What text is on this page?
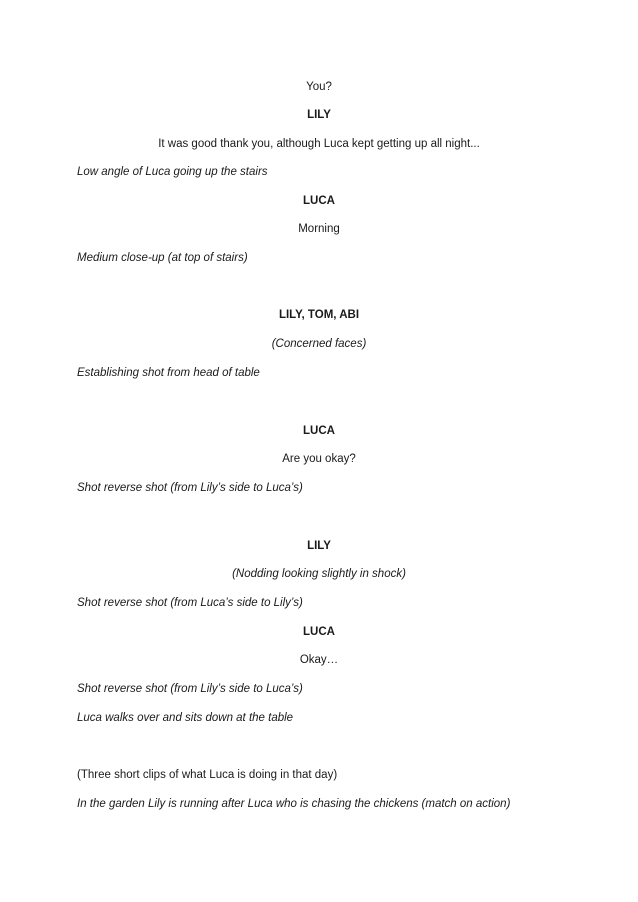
You?
LILY
It was good thank you, although Luca kept getting up all night...
Low angle of Luca going up the stairs
LUCA
Morning
Medium close-up (at top of stairs)
LILY, TOM, ABI
(Concerned faces)
Establishing shot from head of table
LUCA
Are you okay?
Shot reverse shot (from Lily’s side to Luca’s)
LILY
(Nodding looking slightly in shock)
Shot reverse shot (from Luca’s side to Lily’s)
LUCA
Okay…
Shot reverse shot (from Lily’s side to Luca’s)
Luca walks over and sits down at the table
(Three short clips of what Luca is doing in that day)
In the garden Lily is running after Luca who is chasing the chickens (match on action)
